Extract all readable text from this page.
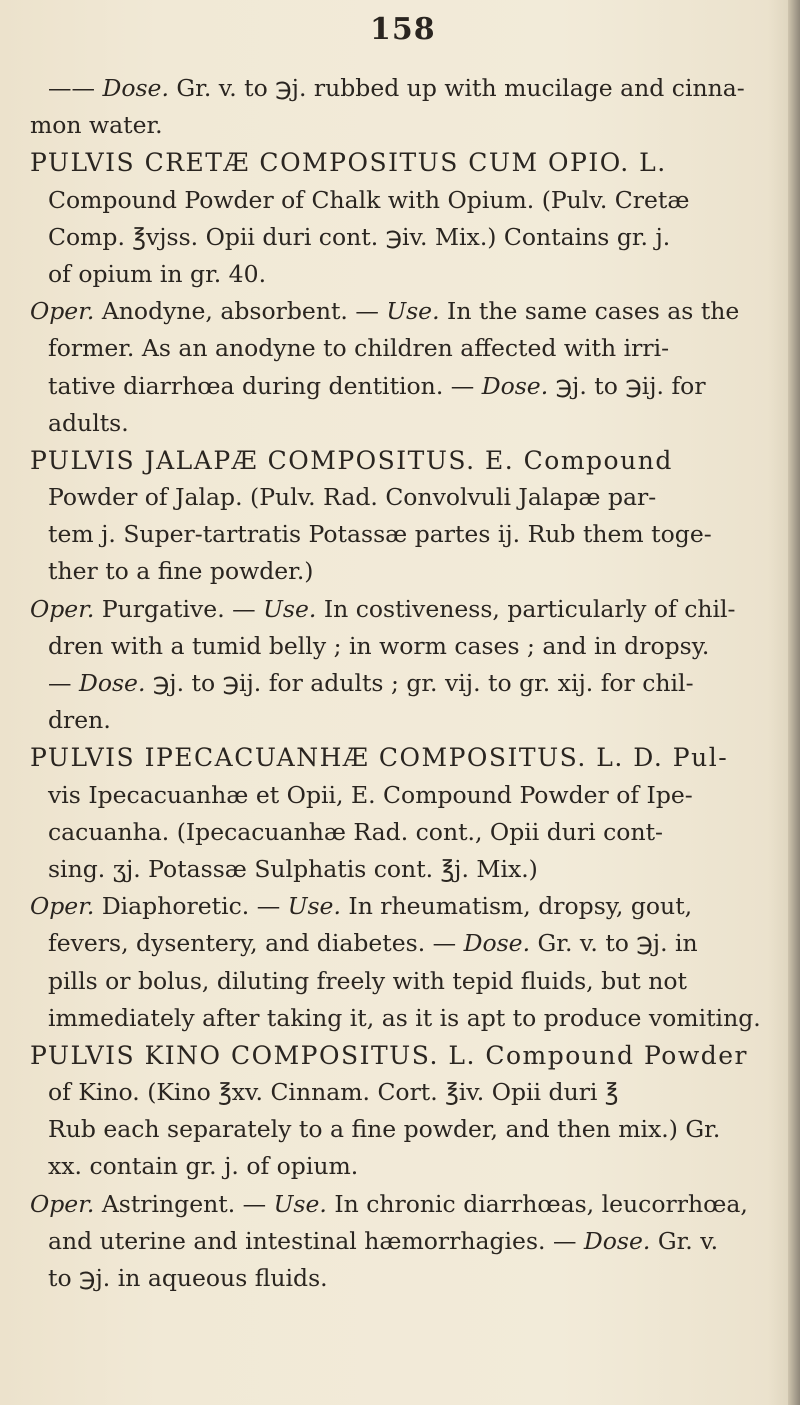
158
—— Dose. Gr. v. to ℈j. rubbed up with mucilage and cinna-
mon water.
PULVIS CRETÆ COMPOSITUS CUM OPIO. L.
Compound Powder of Chalk with Opium. (Pulv. Cretæ
Comp. ℥vjss. Opii duri cont. ℈iv. Mix.) Contains gr. j.
of opium in gr. 40.
Oper. Anodyne, absorbent. — Use. In the same cases as the
former. As an anodyne to children affected with irri-
tative diarrhœa during dentition. — Dose. ℈j. to ℈ij. for
adults.
PULVIS JALAPÆ COMPOSITUS. E. Compound
Powder of Jalap. (Pulv. Rad. Convolvuli Jalapæ par-
tem j. Super-tartratis Potassæ partes ij. Rub them toge-
ther to a fine powder.)
Oper. Purgative. — Use. In costiveness, particularly of chil-
dren with a tumid belly ; in worm cases ; and in dropsy.
— Dose. ℈j. to ℈ij. for adults ; gr. vij. to gr. xij. for chil-
dren.
PULVIS IPECACUANHÆ COMPOSITUS. L. D. Pul-
vis Ipecacuanhæ et Opii, E. Compound Powder of Ipe-
cacuanha. (Ipecacuanhæ Rad. cont., Opii duri cont-
sing. ʒj. Potassæ Sulphatis cont. ℥j. Mix.)
Oper. Diaphoretic. — Use. In rheumatism, dropsy, gout,
fevers, dysentery, and diabetes. — Dose. Gr. v. to ℈j. in
pills or bolus, diluting freely with tepid fluids, but not
immediately after taking it, as it is apt to produce vomiting.
PULVIS KINO COMPOSITUS. L. Compound Powder
of Kino. (Kino ℥xv. Cinnam. Cort. ℥iv. Opii duri ℥
Rub each separately to a fine powder, and then mix.) Gr.
xx. contain gr. j. of opium.
Oper. Astringent. — Use. In chronic diarrhœas, leucorrhœa,
and uterine and intestinal hæmorrhagies. — Dose. Gr. v.
to ℈j. in aqueous fluids.
